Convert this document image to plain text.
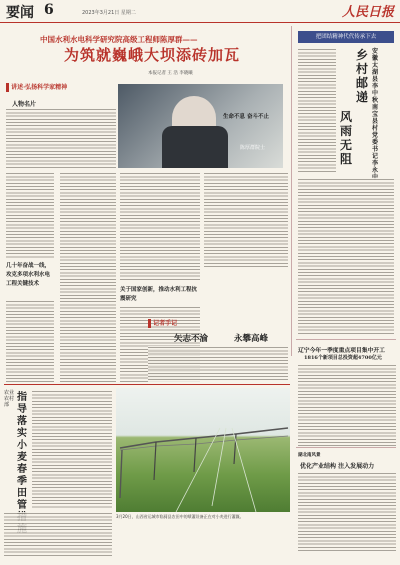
要闻 6	2023年3月21日 星期二	人民日报
中国水利水电科学研究院高级工程师陈厚群——
为筑就巍峨大坝添砖加瓦
本报记者 王 浩 李晓曦
讲述·弘扬科学家精神
人物名片
陈厚群院士
几十年奋战一线，攻克多项水利水电工程关键技术
关于国家创新，推动水利工程抗震研究
生命不息 奋斗不止
记者手记
矢志不渝	永攀高峰
把团结精神代代传承下去
安徽太湖县李中秋南宝县村党委书记李永
乡村邮递
风雨无阻
辽宁今年一季度重点项目集中开工
1816个新项目总投资超4700亿元
湖北南风景
优化产业结构 注入发展动力
农业农村部
指导落实小麦春季田管
3月20日，山西省运城市临猗县农田中的喷灌设备正在对小麦进行灌溉。
